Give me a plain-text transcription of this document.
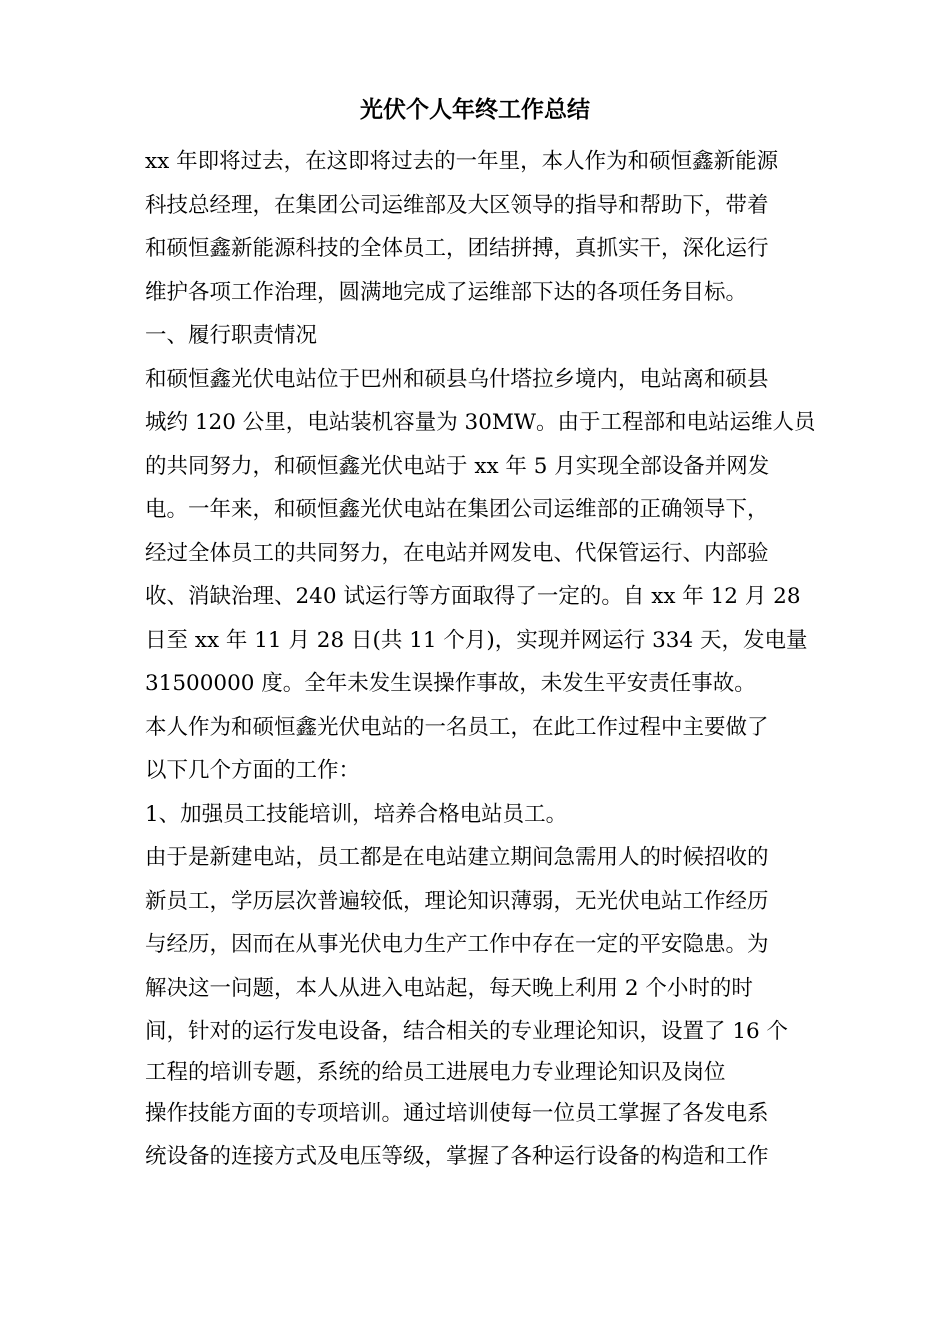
光伏个人年终工作总结
xx 年即将过去，在这即将过去的一年里，本人作为和硕恒鑫新能源
科技总经理，在集团公司运维部及大区领导的指导和帮助下，带着
和硕恒鑫新能源科技的全体员工，团结拼搏，真抓实干，深化运行
维护各项工作治理，圆满地完成了运维部下达的各项任务目标。
一、履行职责情况
和硕恒鑫光伏电站位于巴州和硕县乌什塔拉乡境内，电站离和硕县
城约 120 公里，电站装机容量为 30MW。由于工程部和电站运维人员
的共同努力，和硕恒鑫光伏电站于 xx 年 5 月实现全部设备并网发
电。一年来，和硕恒鑫光伏电站在集团公司运维部的正确领导下，
经过全体员工的共同努力，在电站并网发电、代保管运行、内部验
收、消缺治理、240 试运行等方面取得了一定的。自 xx 年 12 月 28
日至 xx 年 11 月 28 日(共 11 个月)，实现并网运行 334 天，发电量
31500000 度。全年未发生误操作事故，未发生平安责任事故。
本人作为和硕恒鑫光伏电站的一名员工，在此工作过程中主要做了
以下几个方面的工作：
1、加强员工技能培训，培养合格电站员工。
由于是新建电站，员工都是在电站建立期间急需用人的时候招收的
新员工，学历层次普遍较低，理论知识薄弱，无光伏电站工作经历
与经历，因而在从事光伏电力生产工作中存在一定的平安隐患。为
解决这一问题，本人从进入电站起，每天晚上利用 2 个小时的时
间，针对的运行发电设备，结合相关的专业理论知识，设置了 16 个
工程的培训专题，系统的给员工进展电力专业理论知识及岗位
操作技能方面的专项培训。通过培训使每一位员工掌握了各发电系
统设备的连接方式及电压等级，掌握了各种运行设备的构造和工作
